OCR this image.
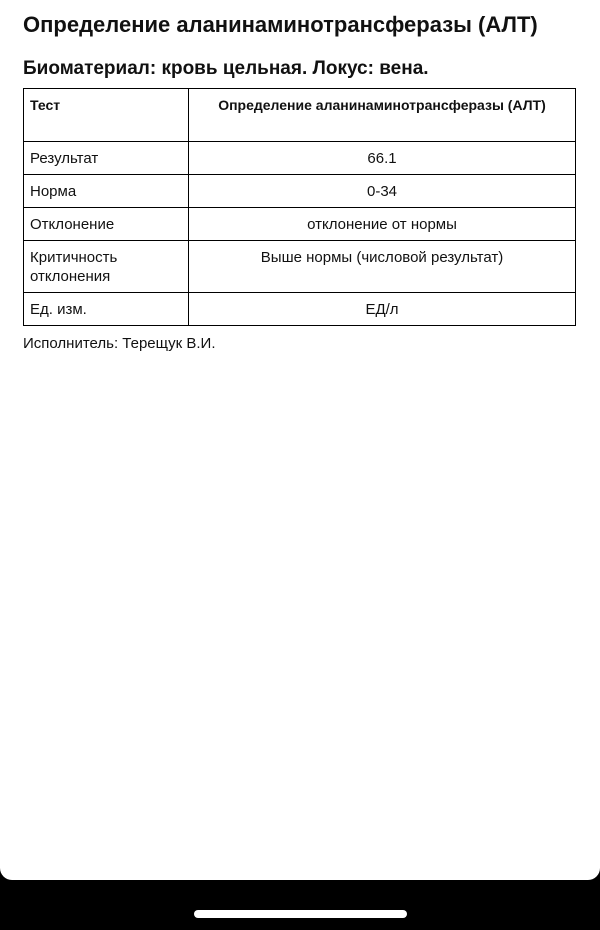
Определение аланинаминотрансферазы (АЛТ)
Биоматериал: кровь цельная. Локус: вена.
Тест	Определение аланинаминотрансферазы (АЛТ)
Результат	66.1
Норма	0-34
Отклонение	отклонение от нормы
Критичность отклонения	Выше нормы (числовой результат)
Ед. изм.	ЕД/л

Исполнитель: Терещук В.И.
